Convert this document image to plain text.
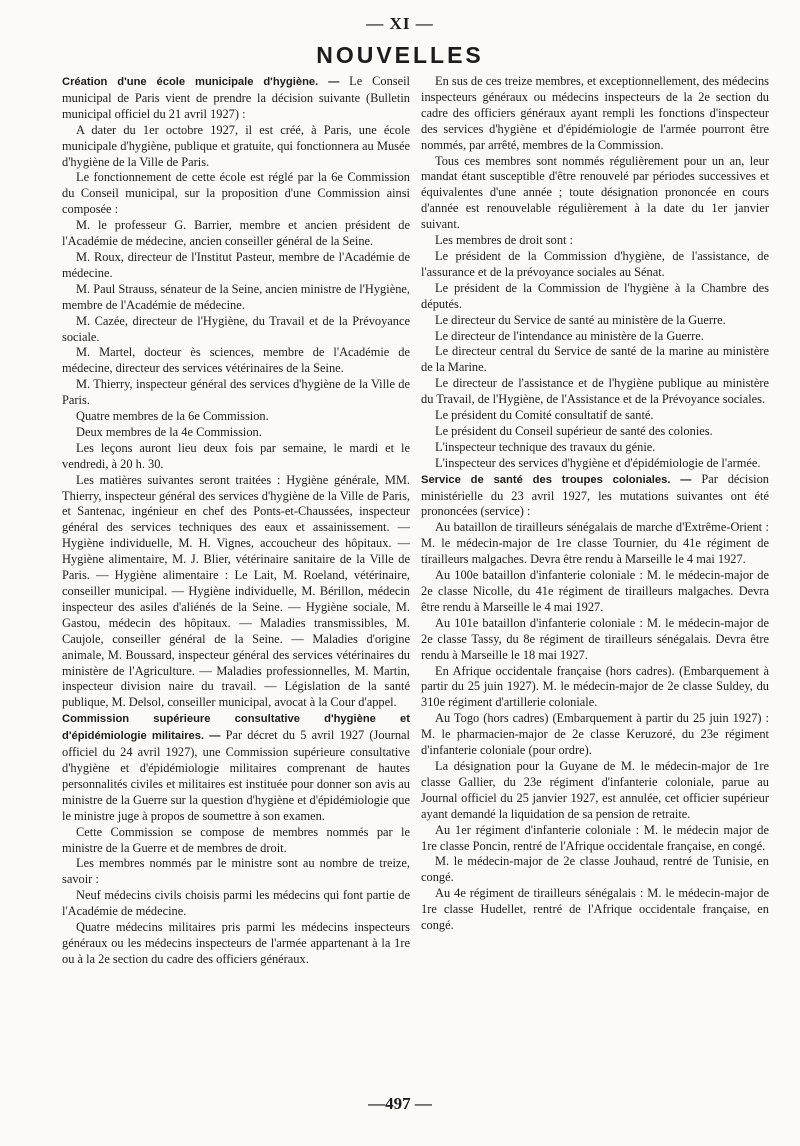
— XI —
NOUVELLES

Création d'une école municipale d'hygiène. — Le Conseil municipal de Paris vient de prendre la décision suivante (Bulletin municipal officiel du 21 avril 1927) :

A dater du 1er octobre 1927, il est créé, à Paris, une école municipale d'hygiène, publique et gratuite, qui fonctionnera au Musée d'hygiène de la Ville de Paris.

Le fonctionnement de cette école est réglé par la 6e Commission du Conseil municipal, sur la proposition d'une Commission ainsi composée :

M. le professeur G. Barrier, membre et ancien président de l'Académie de médecine, ancien conseiller général de la Seine.

M. Roux, directeur de l'Institut Pasteur, membre de l'Académie de médecine.

M. Paul Strauss, sénateur de la Seine, ancien ministre de l'Hygiène, membre de l'Académie de médecine.

M. Cazée, directeur de l'Hygiène, du Travail et de la Prévoyance sociale.

M. Martel, docteur ès sciences, membre de l'Académie de médecine, directeur des services vétérinaires de la Seine.

M. Thierry, inspecteur général des services d'hygiène de la Ville de Paris.

Quatre membres de la 6e Commission.

Deux membres de la 4e Commission.

Les leçons auront lieu deux fois par semaine, le mardi et le vendredi, à 20 h. 30.

Les matières suivantes seront traitées : Hygiène générale, MM. Thierry, inspecteur général des services d'hygiène de la Ville de Paris, et Santenac, ingénieur en chef des Ponts-et-Chaussées, inspecteur général des services techniques des eaux et assainissement. — Hygiène individuelle, M. H. Vignes, accoucheur des hôpitaux. — Hygiène alimentaire, M. J. Blier, vétérinaire sanitaire de la Ville de Paris. — Hygiène alimentaire : Le Lait, M. Roeland, vétérinaire, conseiller municipal. — Hygiène individuelle, M. Bérillon, médecin inspecteur des asiles d'aliénés de la Seine. — Hygiène sociale, M. Gastou, médecin des hôpitaux. — Maladies transmissibles, M. Caujole, conseiller général de la Seine. — Maladies d'origine animale, M. Boussard, inspecteur général des services vétérinaires du ministère de l'Agriculture. — Maladies professionnelles, M. Martin, inspecteur division naire du travail. — Législation de la santé publique, M. Delsol, conseiller municipal, avocat à la Cour d'appel.

Commission supérieure consultative d'hygiène et d'épidémiologie militaires. — Par décret du 5 avril 1927 (Journal officiel du 24 avril 1927), une Commission supérieure consultative d'hygiène et d'épidémiologie militaires comprenant de hautes personnalités civiles et militaires est instituée pour donner son avis au ministre de la Guerre sur la question d'hygiène et d'épidémiologie que le ministre juge à propos de soumettre à son examen.

Cette Commission se compose de membres nommés par le ministre de la Guerre et de membres de droit.

Les membres nommés par le ministre sont au nombre de treize, savoir :

Neuf médecins civils choisis parmi les médecins qui font partie de l'Académie de médecine.

Quatre médecins militaires pris parmi les médecins inspecteurs généraux ou les médecins inspecteurs de l'armée appartenant à la 1re ou à la 2e section du cadre des officiers généraux.

En sus de ces treize membres, et exceptionnellement, des médecins inspecteurs généraux ou médecins inspecteurs de la 2e section du cadre des officiers généraux ayant rempli les fonctions d'inspecteur des services d'hygiène et d'épidémiologie de l'armée pourront être nommés, par arrêté, membres de la Commission.

Tous ces membres sont nommés régulièrement pour un an, leur mandat étant susceptible d'être renouvelé par périodes successives et équivalentes d'une année ; toute désignation prononcée en cours d'année est renouvelable régulièrement à la date du 1er janvier suivant.

Les membres de droit sont :

Le président de la Commission d'hygiène, de l'assistance, de l'assurance et de la prévoyance sociales au Sénat.

Le président de la Commission de l'hygiène à la Chambre des députés.

Le directeur du Service de santé au ministère de la Guerre.

Le directeur de l'intendance au ministère de la Guerre.

Le directeur central du Service de santé de la marine au ministère de la Marine.

Le directeur de l'assistance et de l'hygiène publique au ministère du Travail, de l'Hygiène, de l'Assistance et de la Prévoyance sociales.

Le président du Comité consultatif de santé.

Le président du Conseil supérieur de santé des colonies.

L'inspecteur technique des travaux du génie.

L'inspecteur des services d'hygiène et d'épidémiologie de l'armée.

Service de santé des troupes coloniales. — Par décision ministérielle du 23 avril 1927, les mutations suivantes ont été prononcées (service) :

Au bataillon de tirailleurs sénégalais de marche d'Extrême-Orient : M. le médecin-major de 1re classe Tournier, du 41e régiment de tirailleurs malgaches. Devra être rendu à Marseille le 4 mai 1927.

Au 100e bataillon d'infanterie coloniale : M. le médecin-major de 2e classe Nicolle, du 41e régiment de tirailleurs malgaches. Devra être rendu à Marseille le 4 mai 1927.

Au 101e bataillon d'infanterie coloniale : M. le médecin-major de 2e classe Tassy, du 8e régiment de tirailleurs sénégalais. Devra être rendu à Marseille le 18 mai 1927.

En Afrique occidentale française (hors cadres). (Embarquement à partir du 25 juin 1927). M. le médecin-major de 2e classe Suldey, du 310e régiment d'artillerie coloniale.

Au Togo (hors cadres) (Embarquement à partir du 25 juin 1927) : M. le pharmacien-major de 2e classe Keruzoré, du 23e régiment d'infanterie coloniale (pour ordre).

La désignation pour la Guyane de M. le médecin-major de 1re classe Gallier, du 23e régiment d'infanterie coloniale, parue au Journal officiel du 25 janvier 1927, est annulée, cet officier supérieur ayant demandé la liquidation de sa pension de retraite.

Au 1er régiment d'infanterie coloniale : M. le médecin major de 1re classe Poncin, rentré de l'Afrique occidentale française, en congé.

M. le médecin-major de 2e classe Jouhaud, rentré de Tunisie, en congé.

Au 4e régiment de tirailleurs sénégalais : M. le médecin-major de 1re classe Hudellet, rentré de l'Afrique occidentale française, en congé.

—497 —
